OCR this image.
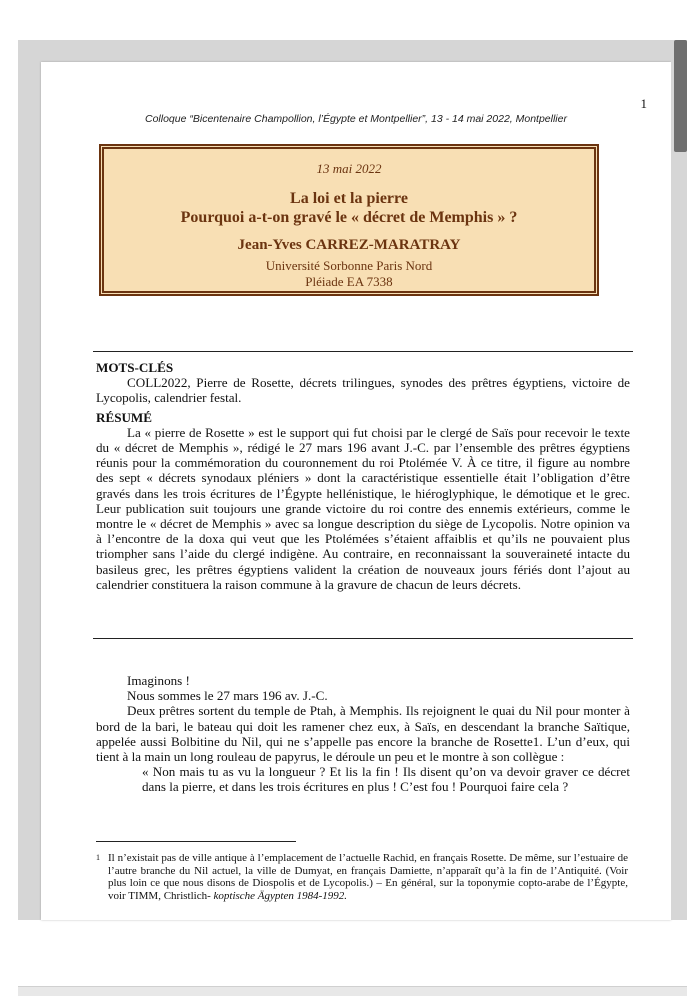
1
Colloque “Bicentenaire Champollion, l’Égypte et Montpellier”, 13 - 14 mai 2022, Montpellier
13 mai 2022
La loi et la pierre
Pourquoi a-t-on gravé le « décret de Memphis » ?
Jean-Yves CARREZ-MARATRAY
Université Sorbonne Paris Nord
Pléiade EA 7338
MOTS-CLÉS
COLL2022, Pierre de Rosette, décrets trilingues, synodes des prêtres égyptiens, victoire de Lycopolis, calendrier festal.
RÉSUMÉ
La « pierre de Rosette » est le support qui fut choisi par le clergé de Saïs pour recevoir le texte du « décret de Memphis », rédigé le 27 mars 196 avant J.-C. par l’ensemble des prêtres égyptiens réunis pour la commémoration du couronnement du roi Ptolémée V. À ce titre, il figure au nombre des sept « décrets synodaux pléniers » dont la caractéristique essentielle était l’obligation d’être gravés dans les trois écritures de l’Égypte hellénistique, le hiéroglyphique, le démotique et le grec. Leur publication suit toujours une grande victoire du roi contre des ennemis extérieurs, comme le montre le « décret de Memphis » avec sa longue description du siège de Lycopolis. Notre opinion va à l’encontre de la doxa qui veut que les Ptolémées s’étaient affaiblis et qu’ils ne pouvaient plus triompher sans l’aide du clergé indigène. Au contraire, en reconnaissant la souveraineté intacte du basileus grec, les prêtres égyptiens valident la création de nouveaux jours fériés dont l’ajout au calendrier constituera la raison commune à la gravure de chacun de leurs décrets.

Imaginons !

Nous sommes le 27 mars 196 av. J.-C.

Deux prêtres sortent du temple de Ptah, à Memphis. Ils rejoignent le quai du Nil pour monter à bord de la bari, le bateau qui doit les ramener chez eux, à Saïs, en descendant la branche Saïtique, appelée aussi Bolbitine du Nil, qui ne s’appelle pas encore la branche de Rosette1. L’un d’eux, qui tient à la main un long rouleau de papyrus, le déroule un peu et le montre à son collègue :

« Non mais tu as vu la longueur ? Et lis la fin ! Ils disent qu’on va devoir graver ce décret dans la pierre, et dans les trois écritures en plus ! C’est fou ! Pourquoi faire cela ?

1 Il n’existait pas de ville antique à l’emplacement de l’actuelle Rachid, en français Rosette. De même, sur l’estuaire de l’autre branche du Nil actuel, la ville de Dumyat, en français Damiette, n’apparaît qu’à la fin de l’Antiquité. (Voir plus loin ce que nous disons de Diospolis et de Lycopolis.) – En général, sur la toponymie copto-arabe de l’Égypte, voir TIMM, Christlich- koptische Ägypten 1984-1992.
